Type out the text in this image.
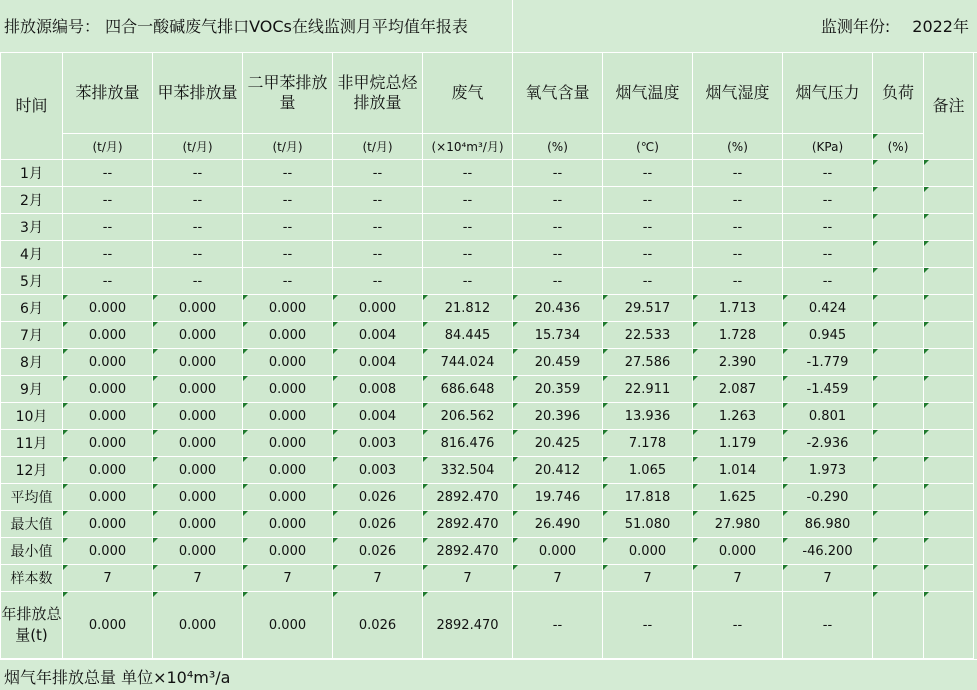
排放源编号： 四合一酸碱废气排口VOCs在线监测月平均值年报表	监测年份: 2022年
时间	苯排放量	甲苯排放量	二甲苯排放量	非甲烷总烃排放量	废气	氧气含量	烟气温度	烟气湿度	烟气压力	负荷	备注
	(t/月)	(t/月)	(t/月)	(t/月)	(×10⁴m³/月)	(%)	(℃)	(%)	(KPa)	(%)	
1月	--	--	--	--	--	--	--	--	--		
2月	--	--	--	--	--	--	--	--	--		
3月	--	--	--	--	--	--	--	--	--		
4月	--	--	--	--	--	--	--	--	--		
5月	--	--	--	--	--	--	--	--	--		
6月	0.000	0.000	0.000	0.000	21.812	20.436	29.517	1.713	0.424		
7月	0.000	0.000	0.000	0.004	84.445	15.734	22.533	1.728	0.945		
8月	0.000	0.000	0.000	0.004	744.024	20.459	27.586	2.390	-1.779		
9月	0.000	0.000	0.000	0.008	686.648	20.359	22.911	2.087	-1.459		
10月	0.000	0.000	0.000	0.004	206.562	20.396	13.936	1.263	0.801		
11月	0.000	0.000	0.000	0.003	816.476	20.425	7.178	1.179	-2.936		
12月	0.000	0.000	0.000	0.003	332.504	20.412	1.065	1.014	1.973		
平均值	0.000	0.000	0.000	0.026	2892.470	19.746	17.818	1.625	-0.290		
最大值	0.000	0.000	0.000	0.026	2892.470	26.490	51.080	27.980	86.980		
最小值	0.000	0.000	0.000	0.026	2892.470	0.000	0.000	0.000	-46.200		
样本数	7	7	7	7	7	7	7	7	7		
年排放总量(t)	0.000	0.000	0.000	0.026	2892.470	--	--	--	--		
烟气年排放总量 单位×10⁴m³/a
